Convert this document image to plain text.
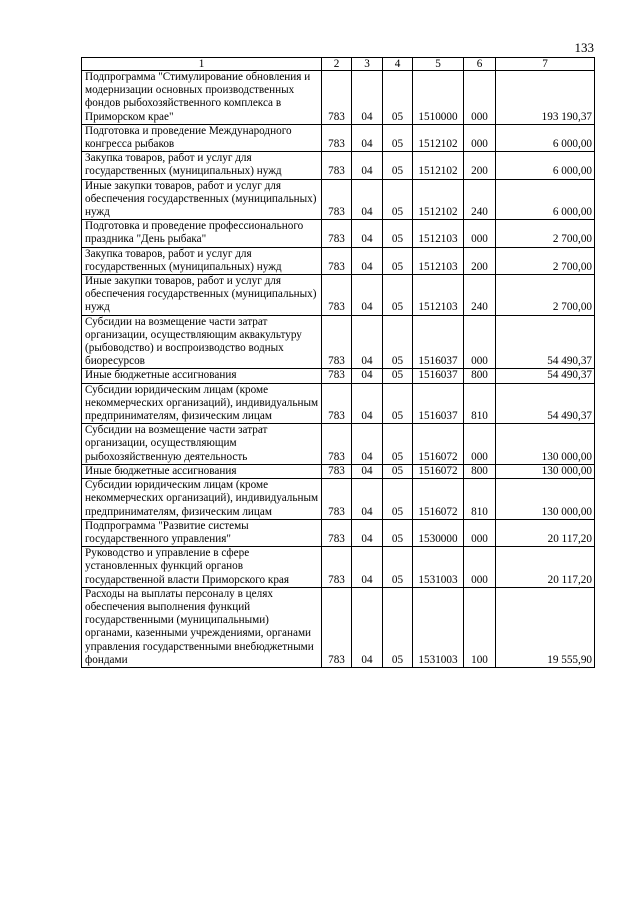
133
1	2	3	4	5	6	7
Подпрограмма "Стимулирование обновления и модернизации основных производственных фондов рыбохозяйственного комплекса в Приморском крае"	783	04	05	1510000	000	193 190,37
Подготовка и проведение Международного конгресса рыбаков	783	04	05	1512102	000	6 000,00
Закупка товаров, работ и услуг для государственных (муниципальных) нужд	783	04	05	1512102	200	6 000,00
Иные закупки товаров, работ и услуг для обеспечения государственных (муниципальных) нужд	783	04	05	1512102	240	6 000,00
Подготовка и проведение профессионального праздника "День рыбака"	783	04	05	1512103	000	2 700,00
Закупка товаров, работ и услуг для государственных (муниципальных) нужд	783	04	05	1512103	200	2 700,00
Иные закупки товаров, работ и услуг для обеспечения государственных (муниципальных) нужд	783	04	05	1512103	240	2 700,00
Субсидии на возмещение части затрат организации, осуществляющим аквакультуру (рыбоводство) и воспроизводство водных биоресурсов	783	04	05	1516037	000	54 490,37
Иные бюджетные ассигнования	783	04	05	1516037	800	54 490,37
Субсидии юридическим лицам (кроме некоммерческих организаций), индивидуальным предпринимателям, физическим лицам	783	04	05	1516037	810	54 490,37
Субсидии на возмещение части затрат организации, осуществляющим рыбохозяйственную деятельность	783	04	05	1516072	000	130 000,00
Иные бюджетные ассигнования	783	04	05	1516072	800	130 000,00
Субсидии юридическим лицам (кроме некоммерческих организаций), индивидуальным предпринимателям, физическим лицам	783	04	05	1516072	810	130 000,00
Подпрограмма "Развитие системы государственного управления"	783	04	05	1530000	000	20 117,20
Руководство и управление в сфере установленных функций органов государственной власти Приморского края	783	04	05	1531003	000	20 117,20
Расходы на выплаты персоналу в целях обеспечения выполнения функций государственными (муниципальными) органами, казенными учреждениями, органами управления государственными внебюджетными фондами	783	04	05	1531003	100	19 555,90
